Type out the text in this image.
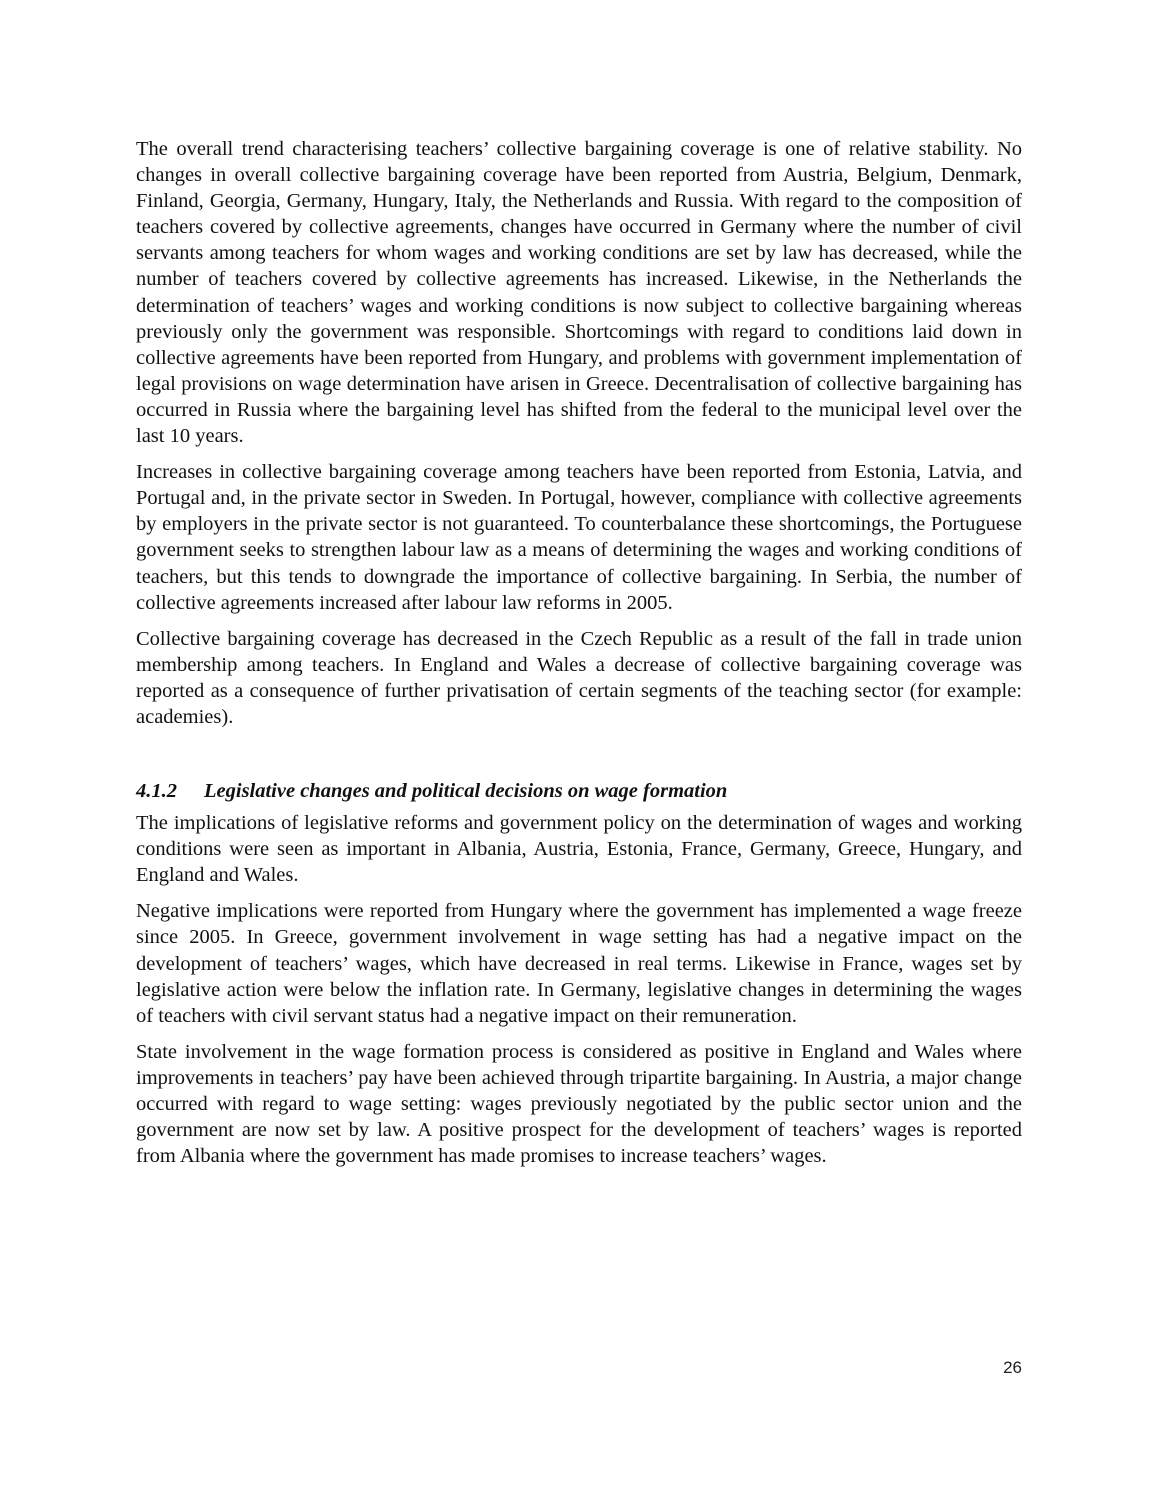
The overall trend characterising teachers’ collective bargaining coverage is one of relative stability. No changes in overall collective bargaining coverage have been reported from Austria, Belgium, Denmark, Finland, Georgia, Germany, Hungary, Italy, the Netherlands and Russia. With regard to the composition of teachers covered by collective agreements, changes have occurred in Germany where the number of civil servants among teachers for whom wages and working conditions are set by law has decreased, while the number of teachers covered by collective agreements has increased. Likewise, in the Netherlands the determination of teachers’ wages and working conditions is now subject to collective bargaining whereas previously only the government was responsible. Shortcomings with regard to conditions laid down in collective agreements have been reported from Hungary, and problems with government implementation of legal provisions on wage determination have arisen in Greece. Decentralisation of collective bargaining has occurred in Russia where the bargaining level has shifted from the federal to the municipal level over the last 10 years.

Increases in collective bargaining coverage among teachers have been reported from Estonia, Latvia, and Portugal and, in the private sector in Sweden. In Portugal, however, compliance with collective agreements by employers in the private sector is not guaranteed. To counterbalance these shortcomings, the Portuguese government seeks to strengthen labour law as a means of determining the wages and working conditions of teachers, but this tends to downgrade the importance of collective bargaining. In Serbia, the number of collective agreements increased after labour law reforms in 2005.

Collective bargaining coverage has decreased in the Czech Republic as a result of the fall in trade union membership among teachers. In England and Wales a decrease of collective bargaining coverage was reported as a consequence of further privatisation of certain segments of the teaching sector (for example: academies).

4.1.2 Legislative changes and political decisions on wage formation

The implications of legislative reforms and government policy on the determination of wages and working conditions were seen as important in Albania, Austria, Estonia, France, Germany, Greece, Hungary, and England and Wales.

Negative implications were reported from Hungary where the government has implemented a wage freeze since 2005. In Greece, government involvement in wage setting has had a negative impact on the development of teachers’ wages, which have decreased in real terms. Likewise in France, wages set by legislative action were below the inflation rate. In Germany, legislative changes in determining the wages of teachers with civil servant status had a negative impact on their remuneration.

State involvement in the wage formation process is considered as positive in England and Wales where improvements in teachers’ pay have been achieved through tripartite bargaining. In Austria, a major change occurred with regard to wage setting: wages previously negotiated by the public sector union and the government are now set by law. A positive prospect for the development of teachers’ wages is reported from Albania where the government has made promises to increase teachers’ wages.

26
